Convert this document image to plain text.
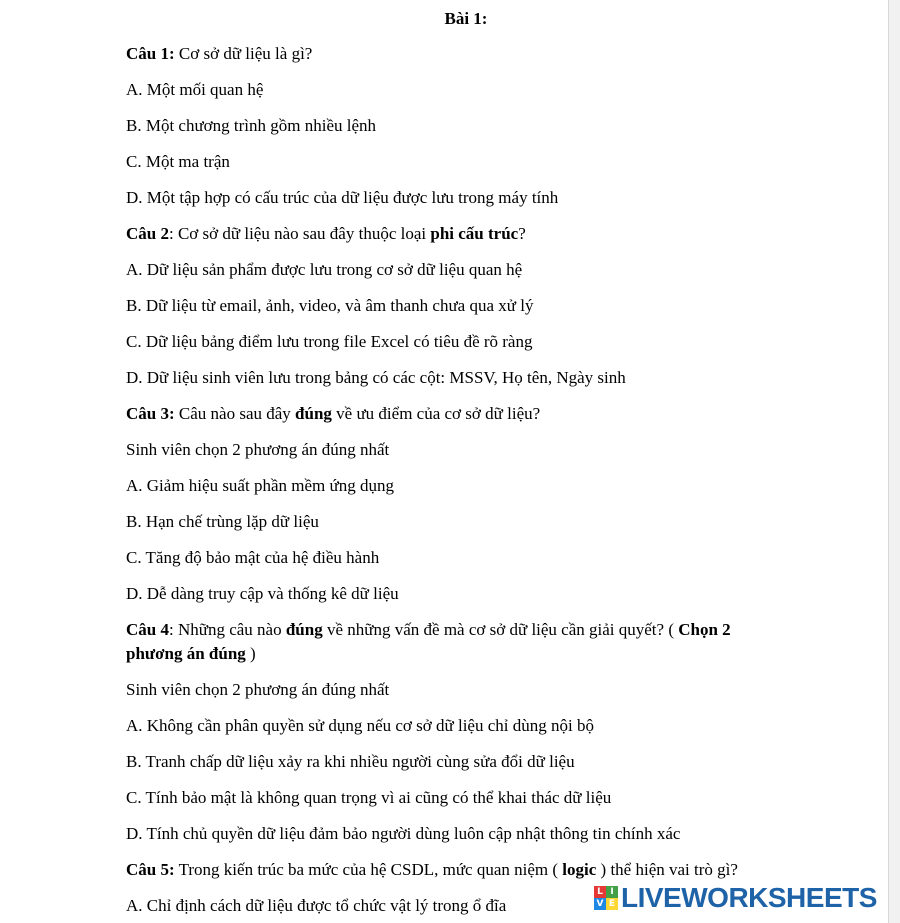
Bài 1:
Câu 1: Cơ sở dữ liệu là gì?
A. Một mối quan hệ
B. Một chương trình gồm nhiều lệnh
C. Một ma trận
D. Một tập hợp có cấu trúc của dữ liệu được lưu trong máy tính
Câu 2: Cơ sở dữ liệu nào sau đây thuộc loại phi cấu trúc?
A. Dữ liệu sản phẩm được lưu trong cơ sở dữ liệu quan hệ
B. Dữ liệu từ email, ảnh, video, và âm thanh chưa qua xử lý
C. Dữ liệu bảng điểm lưu trong file Excel có tiêu đề rõ ràng
D. Dữ liệu sinh viên lưu trong bảng có các cột: MSSV, Họ tên, Ngày sinh
Câu 3: Câu nào sau đây đúng về ưu điểm của cơ sở dữ liệu?
Sinh viên chọn 2 phương án đúng nhất
A. Giảm hiệu suất phần mềm ứng dụng
B. Hạn chế trùng lặp dữ liệu
C. Tăng độ bảo mật của hệ điều hành
D. Dễ dàng truy cập và thống kê dữ liệu
Câu 4: Những câu nào đúng về những vấn đề mà cơ sở dữ liệu cần giải quyết? ( Chọn 2
phương án đúng )
Sinh viên chọn 2 phương án đúng nhất
A. Không cần phân quyền sử dụng nếu cơ sở dữ liệu chỉ dùng nội bộ
B. Tranh chấp dữ liệu xảy ra khi nhiều người cùng sửa đổi dữ liệu
C. Tính bảo mật là không quan trọng vì ai cũng có thể khai thác dữ liệu
D. Tính chủ quyền dữ liệu đảm bảo người dùng luôn cập nhật thông tin chính xác
Câu 5: Trong kiến trúc ba mức của hệ CSDL, mức quan niệm ( logic ) thể hiện vai trò gì?
A. Chỉ định cách dữ liệu được tổ chức vật lý trong ổ đĩa
L I
V E LIVEWORKSHEETS
